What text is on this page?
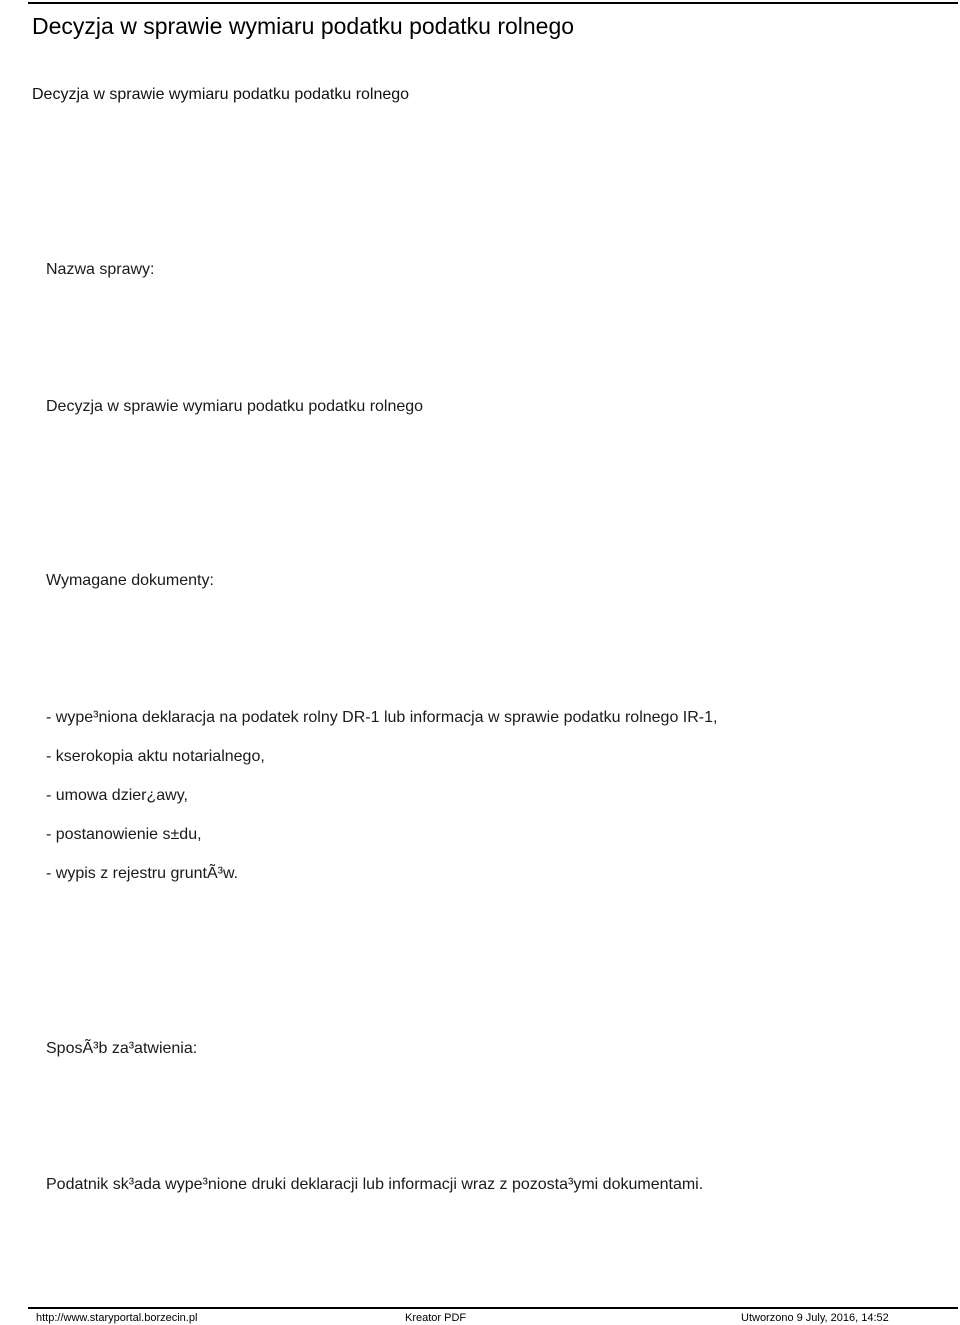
Decyzja w sprawie wymiaru podatku podatku rolnego
Decyzja w sprawie wymiaru podatku podatku rolnego
Nazwa sprawy:
Decyzja w sprawie wymiaru podatku podatku rolnego
Wymagane dokumenty:
- wype³niona deklaracja na podatek rolny DR-1 lub informacja w sprawie podatku rolnego IR-1,
- kserokopia aktu notarialnego,
- umowa dzier¿awy,
- postanowienie s±du,
- wypis z rejestru gruntÃ³w.
SposÃ³b za³atwienia:
Podatnik sk³ada wype³nione druki deklaracji lub informacji wraz z pozosta³ymi dokumentami.
http://www.staryportal.borzecin.pl	Kreator PDF	Utworzono 9 July, 2016, 14:52
